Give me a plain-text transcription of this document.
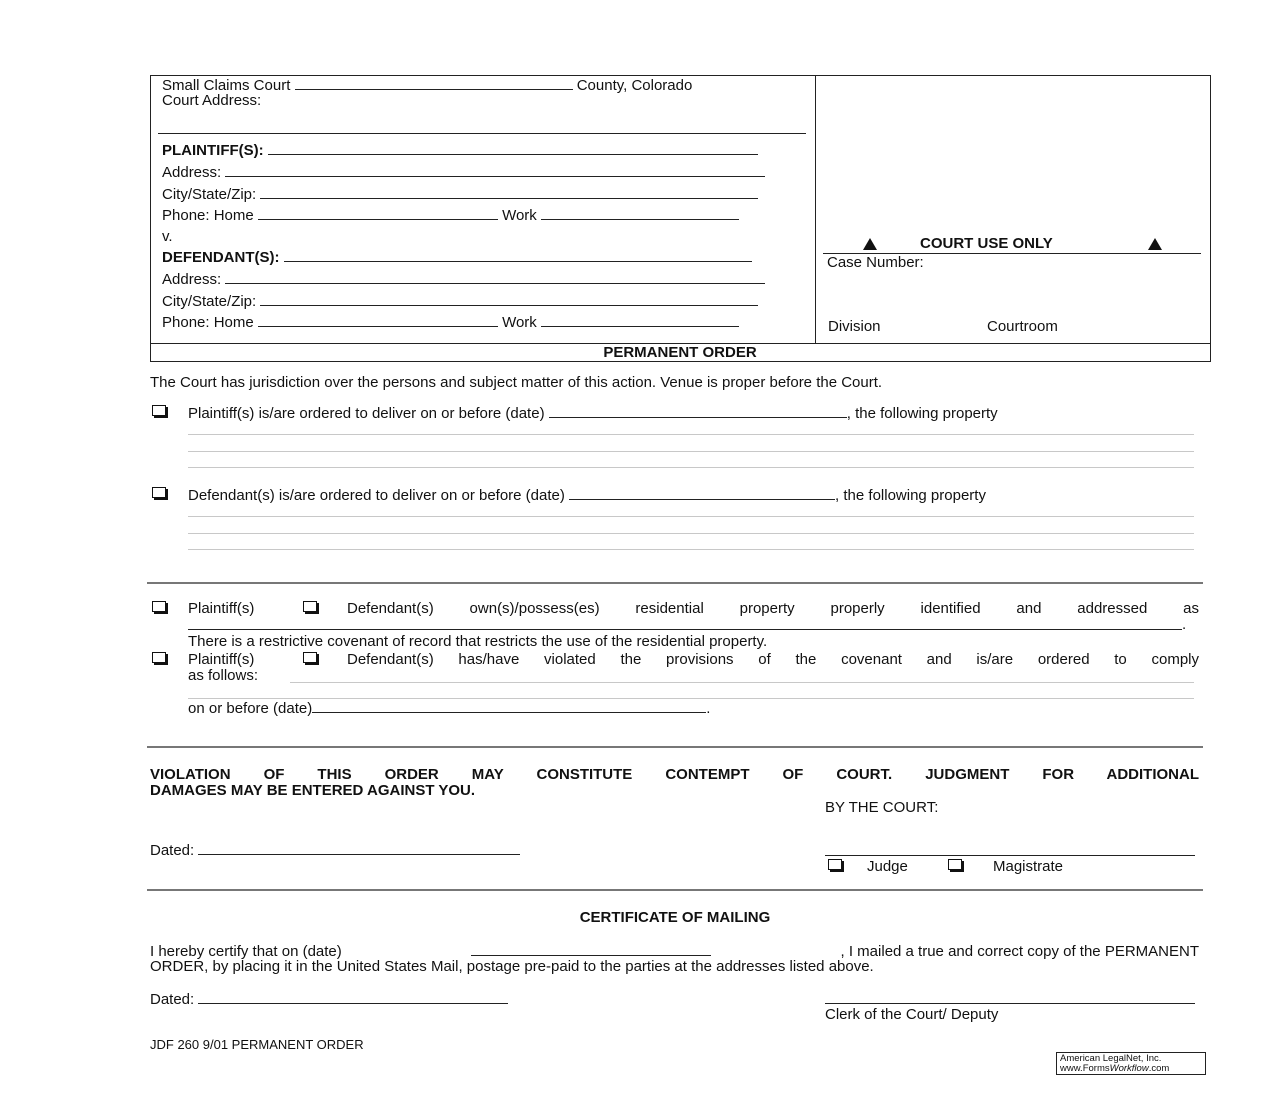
Small Claims Court	County, Colorado
Court Address:
PLAINTIFF(S):
Address:
City/State/Zip:
Phone: Home	Work
v.
DEFENDANT(S):
Address:
City/State/Zip:
Phone: Home	Work
COURT USE ONLY
Case Number:
Division	Courtroom
PERMANENT ORDER
The Court has jurisdiction over the persons and subject matter of this action. Venue is proper before the Court.
Plaintiff(s) is/are ordered to deliver on or before (date)	, the following property
Defendant(s) is/are ordered to deliver on or before (date)	, the following property
Plaintiff(s)	Defendant(s) own(s)/possess(es) residential property properly identified and addressed as
.
There is a restrictive covenant of record that restricts the use of the residential property.
Plaintiff(s)	Defendant(s) has/have violated the provisions of the covenant and is/are ordered to comply
as follows:
on or before (date)	.
VIOLATION OF THIS ORDER MAY CONSTITUTE CONTEMPT OF COURT. JUDGMENT FOR ADDITIONAL
DAMAGES MAY BE ENTERED AGAINST YOU.
BY THE COURT:
Dated:
Judge	Magistrate
CERTIFICATE OF MAILING
I hereby certify that on (date)	, I mailed a true and correct copy of the PERMANENT
ORDER, by placing it in the United States Mail, postage pre-paid to the parties at the addresses listed above.
Dated:
Clerk of the Court/ Deputy
JDF 260 9/01 PERMANENT ORDER
American LegalNet, Inc.
www.FormsWorkflow.com
